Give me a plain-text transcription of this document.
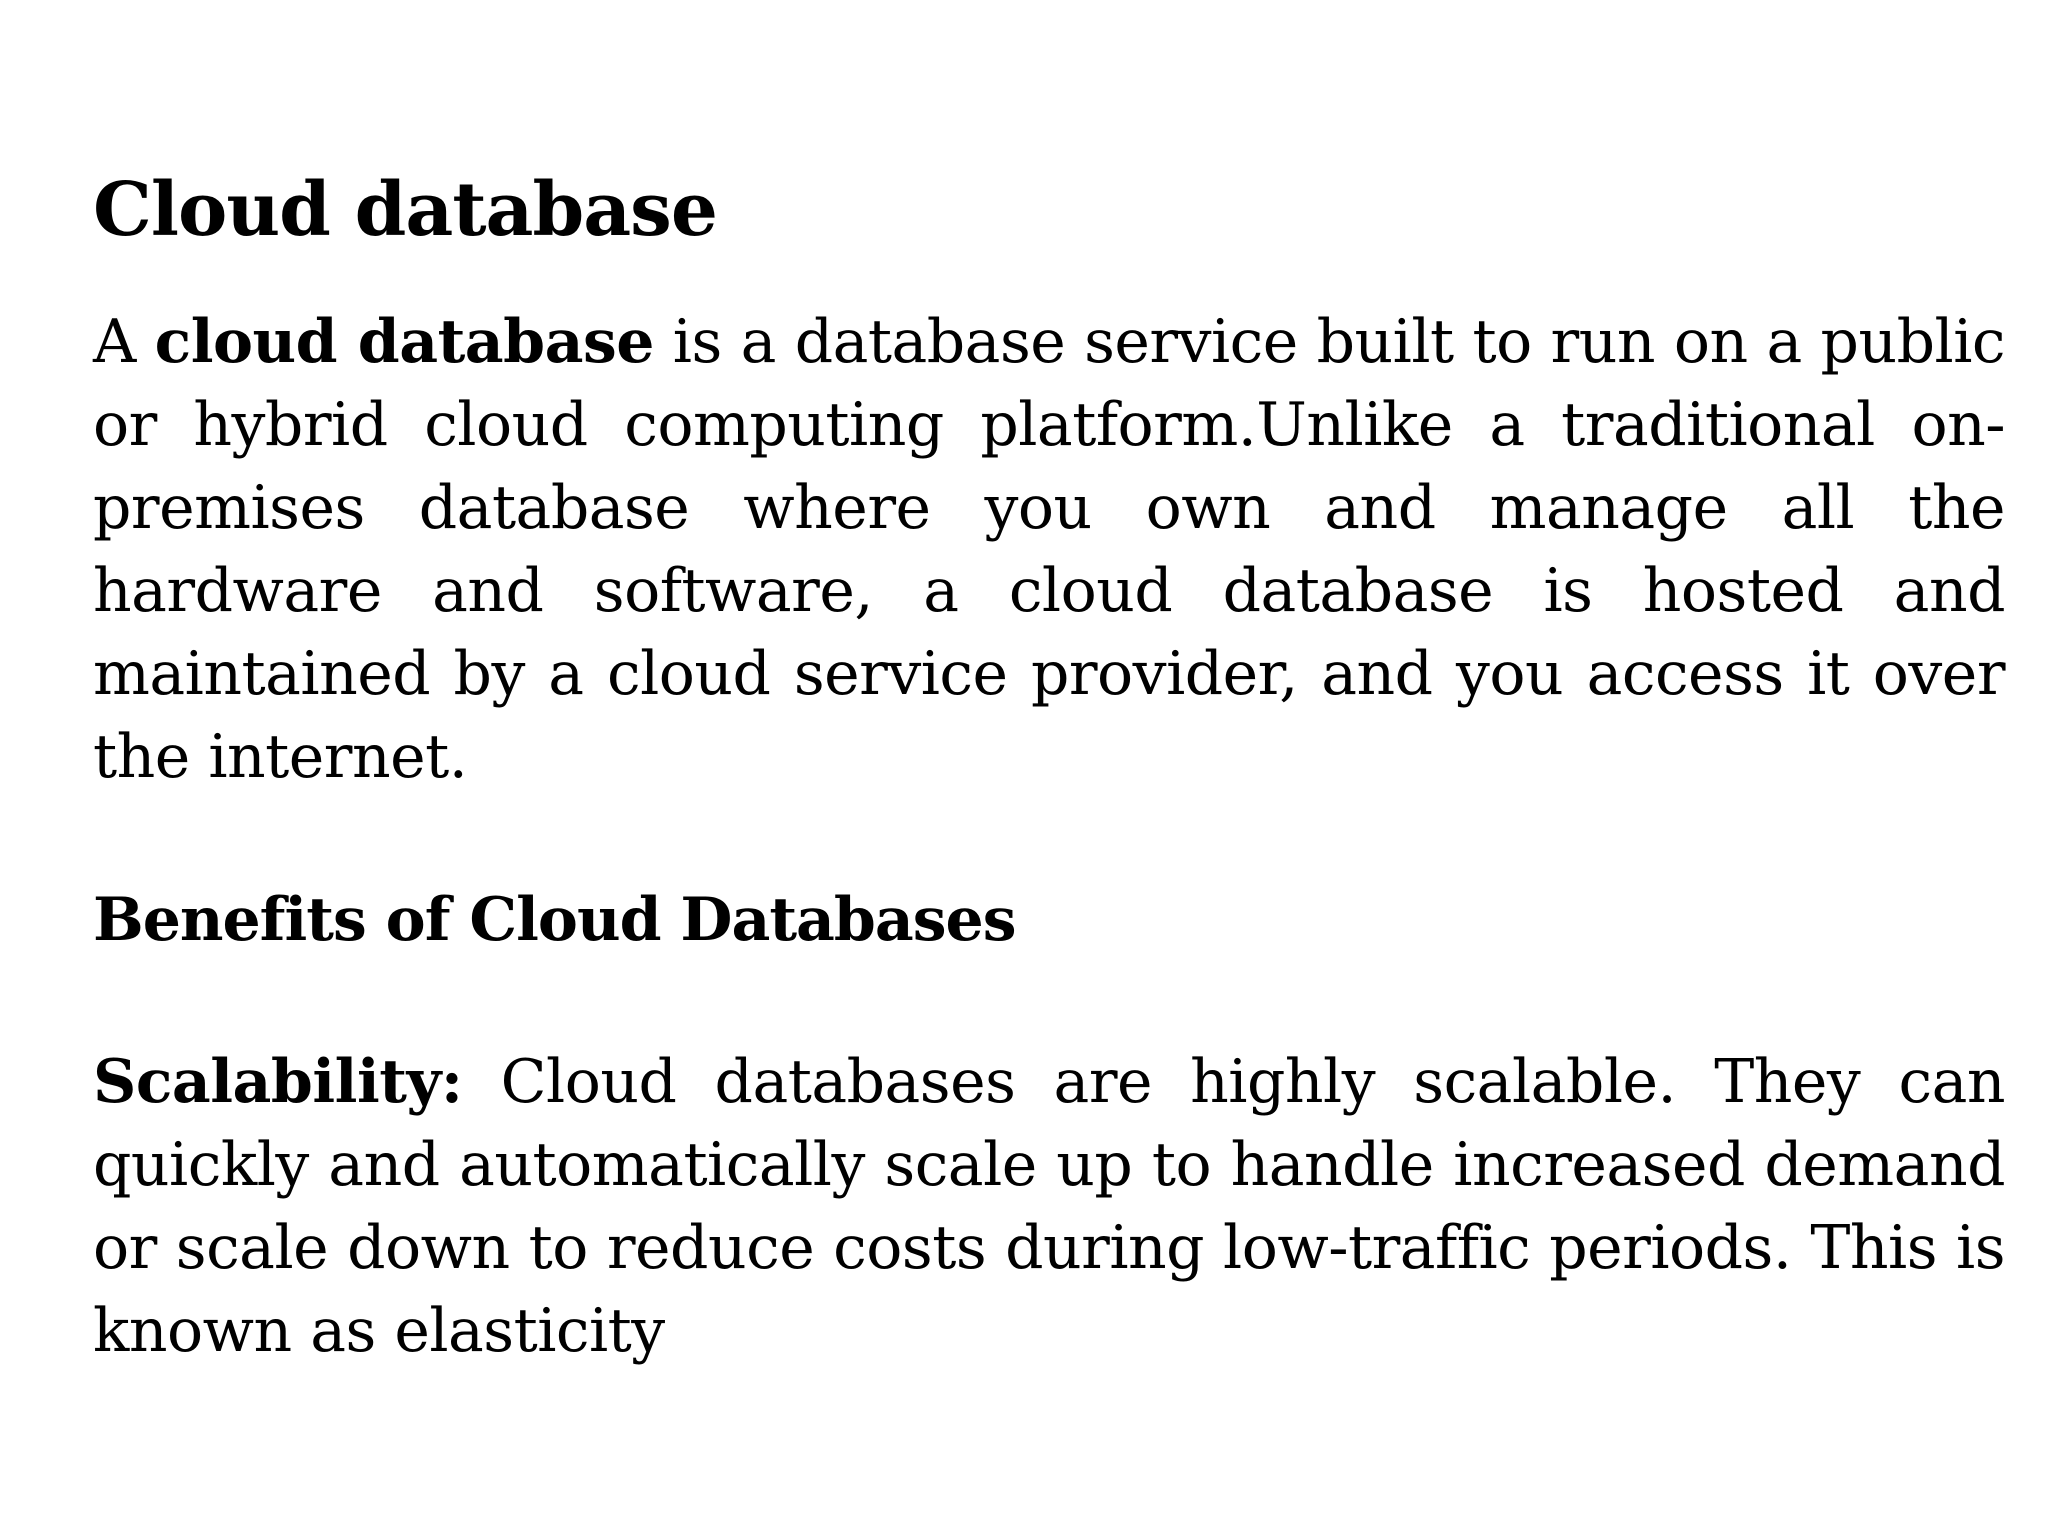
Cloud database

A cloud database is a database service built to run on a public or hybrid cloud computing platform.Unlike a traditional on-premises database where you own and manage all the hardware and software, a cloud database is hosted and maintained by a cloud service provider, and you access it over the internet.

Benefits of Cloud Databases

Scalability: Cloud databases are highly scalable. They can quickly and automatically scale up to handle increased demand or scale down to reduce costs during low-traffic periods. This is known as elasticity
